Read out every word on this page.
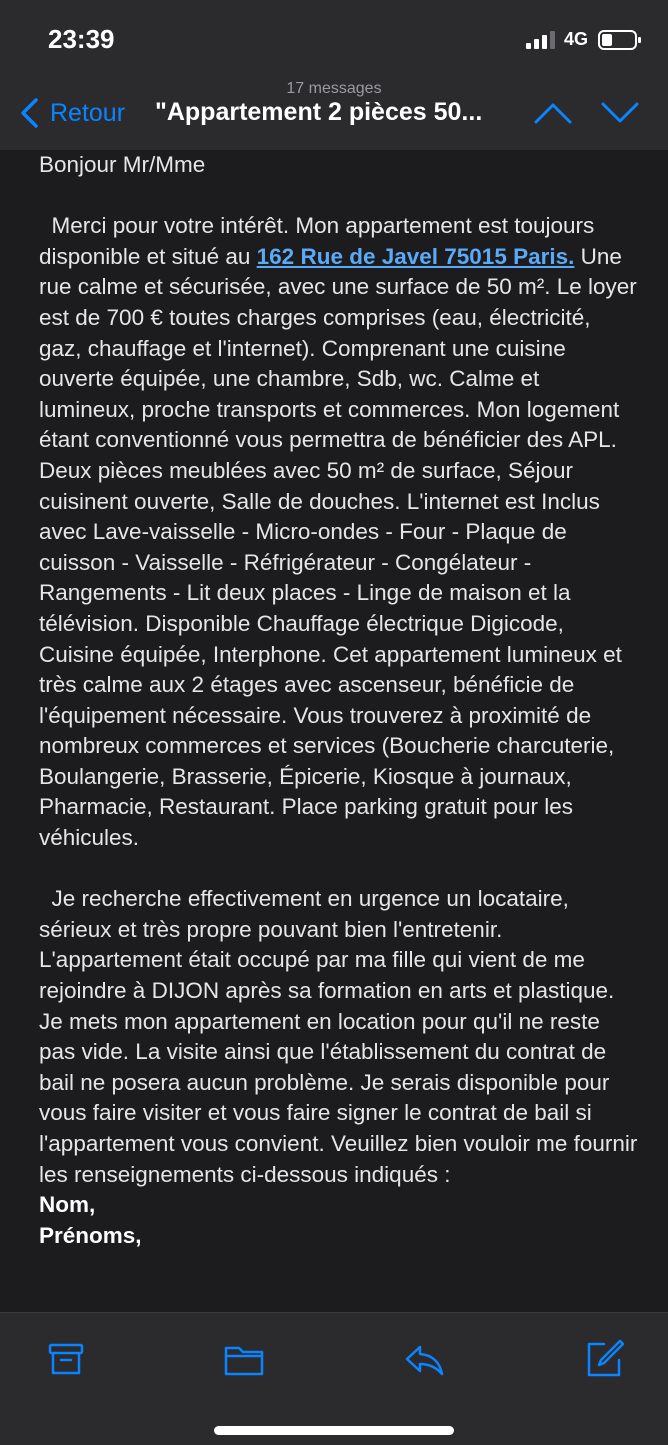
23:39	4G
17 messages
Retour "Appartement 2 pièces 50...

Bonjour Mr/Mme

Merci pour votre intérêt. Mon appartement est toujours disponible et situé au 162 Rue de Javel 75015 Paris. Une rue calme et sécurisée, avec une surface de 50 m². Le loyer est de 700 € toutes charges comprises (eau, électricité, gaz, chauffage et l'internet). Comprenant une cuisine ouverte équipée, une chambre, Sdb, wc. Calme et lumineux, proche transports et commerces. Mon logement étant conventionné vous permettra de bénéficier des APL. Deux pièces meublées avec 50 m² de surface, Séjour cuisinent ouverte, Salle de douches. L'internet est Inclus avec Lave-vaisselle - Micro-ondes - Four - Plaque de cuisson - Vaisselle - Réfrigérateur - Congélateur - Rangements - Lit deux places - Linge de maison et la télévision. Disponible Chauffage électrique Digicode, Cuisine équipée, Interphone. Cet appartement lumineux et très calme aux 2 étages avec ascenseur, bénéficie de l'équipement nécessaire. Vous trouverez à proximité de nombreux commerces et services (Boucherie charcuterie, Boulangerie, Brasserie, Épicerie, Kiosque à journaux, Pharmacie, Restaurant. Place parking gratuit pour les véhicules.

Je recherche effectivement en urgence un locataire, sérieux et très propre pouvant bien l'entretenir. L'appartement était occupé par ma fille qui vient de me rejoindre à DIJON après sa formation en arts et plastique. Je mets mon appartement en location pour qu'il ne reste pas vide. La visite ainsi que l'établissement du contrat de bail ne posera aucun problème. Je serais disponible pour vous faire visiter et vous faire signer le contrat de bail si l'appartement vous convient. Veuillez bien vouloir me fournir les renseignements ci-dessous indiqués :

Nom,

Prénoms,
